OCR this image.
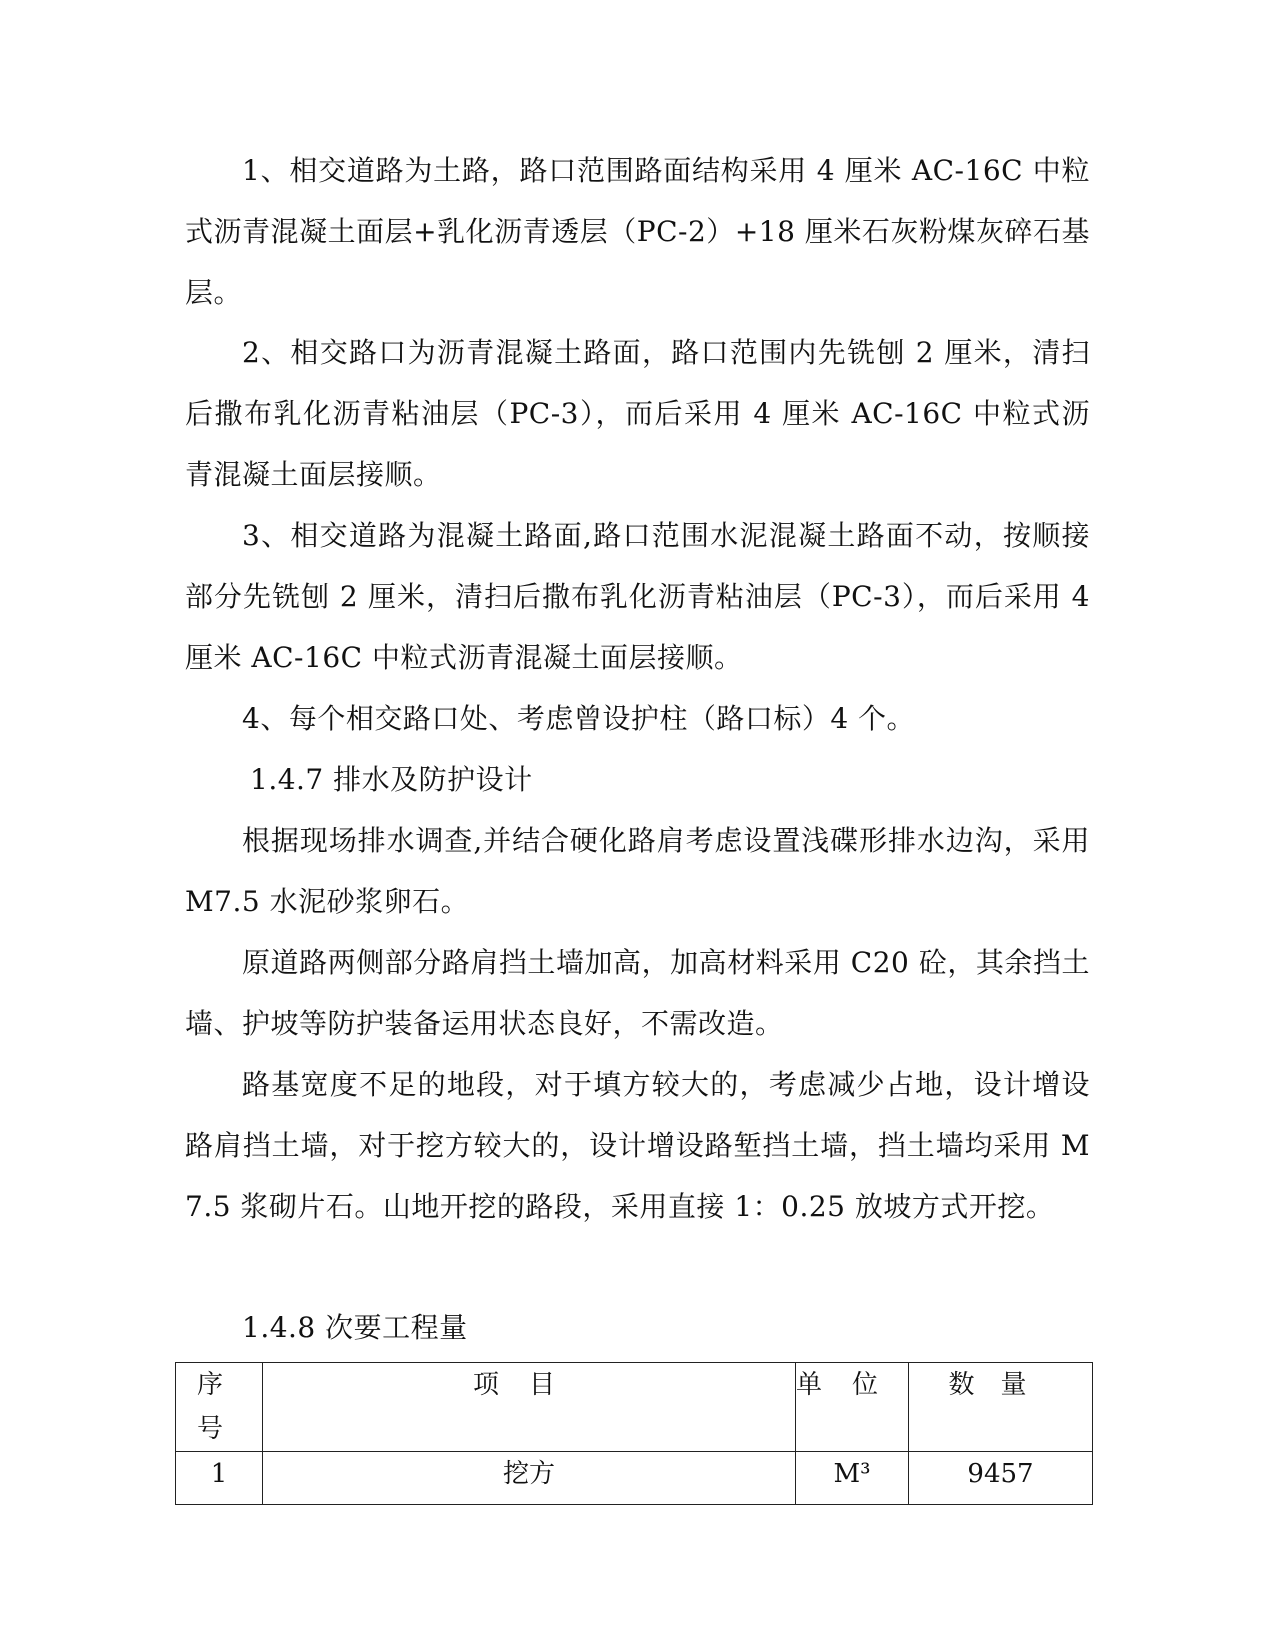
1、相交道路为土路，路口范围路面结构采用 4 厘米 AC-16C 中粒式沥青混凝土面层+乳化沥青透层（PC-2）+18 厘米石灰粉煤灰碎石基层。

2、相交路口为沥青混凝土路面，路口范围内先铣刨 2 厘米，清扫后撒布乳化沥青粘油层（PC-3），而后采用 4 厘米 AC-16C 中粒式沥青混凝土面层接顺。

3、相交道路为混凝土路面,路口范围水泥混凝土路面不动，按顺接部分先铣刨 2 厘米，清扫后撒布乳化沥青粘油层（PC-3），而后采用 4 厘米 AC-16C 中粒式沥青混凝土面层接顺。

4、每个相交路口处、考虑曾设护柱（路口标）4 个。

1.4.7 排水及防护设计

根据现场排水调查,并结合硬化路肩考虑设置浅碟形排水边沟，采用 M7.5 水泥砂浆卵石。

原道路两侧部分路肩挡土墙加高，加高材料采用 C20 砼，其余挡土墙、护坡等防护装备运用状态良好，不需改造。

路基宽度不足的地段，对于填方较大的，考虑减少占地，设计增设路肩挡土墙，对于挖方较大的，设计增设路堑挡土墙，挡土墙均采用 M7.5 浆砌片石。山地开挖的路段，采用直接 1：0.25 放坡方式开挖。

1.4.8 次要工程量

序号	项目	单位	数量
1	挖方	M³	9457
